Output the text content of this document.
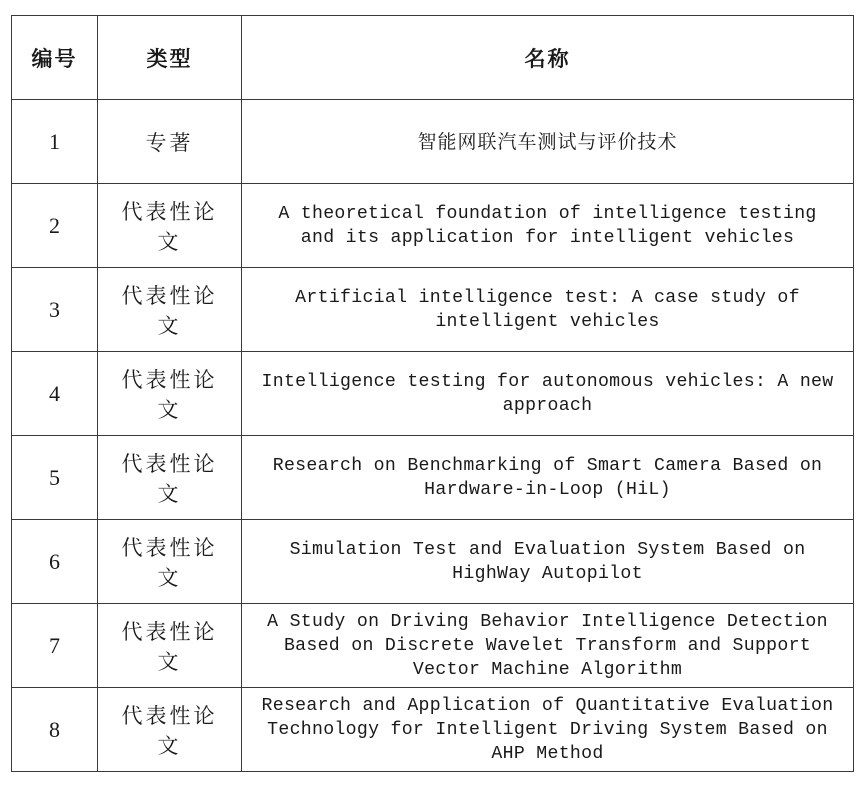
编号	类型	名称
1	专著	智能网联汽车测试与评价技术
2	代表性论文	A theoretical foundation of intelligence testing and its application for intelligent vehicles
3	代表性论文	Artificial intelligence test: A case study of intelligent vehicles
4	代表性论文	Intelligence testing for autonomous vehicles: A new approach
5	代表性论文	Research on Benchmarking of Smart Camera Based on Hardware-in-Loop (HiL)
6	代表性论文	Simulation Test and Evaluation System Based on HighWay Autopilot
7	代表性论文	A Study on Driving Behavior Intelligence Detection Based on Discrete Wavelet Transform and Support Vector Machine Algorithm
8	代表性论文	Research and Application of Quantitative Evaluation Technology for Intelligent Driving System Based on AHP Method
